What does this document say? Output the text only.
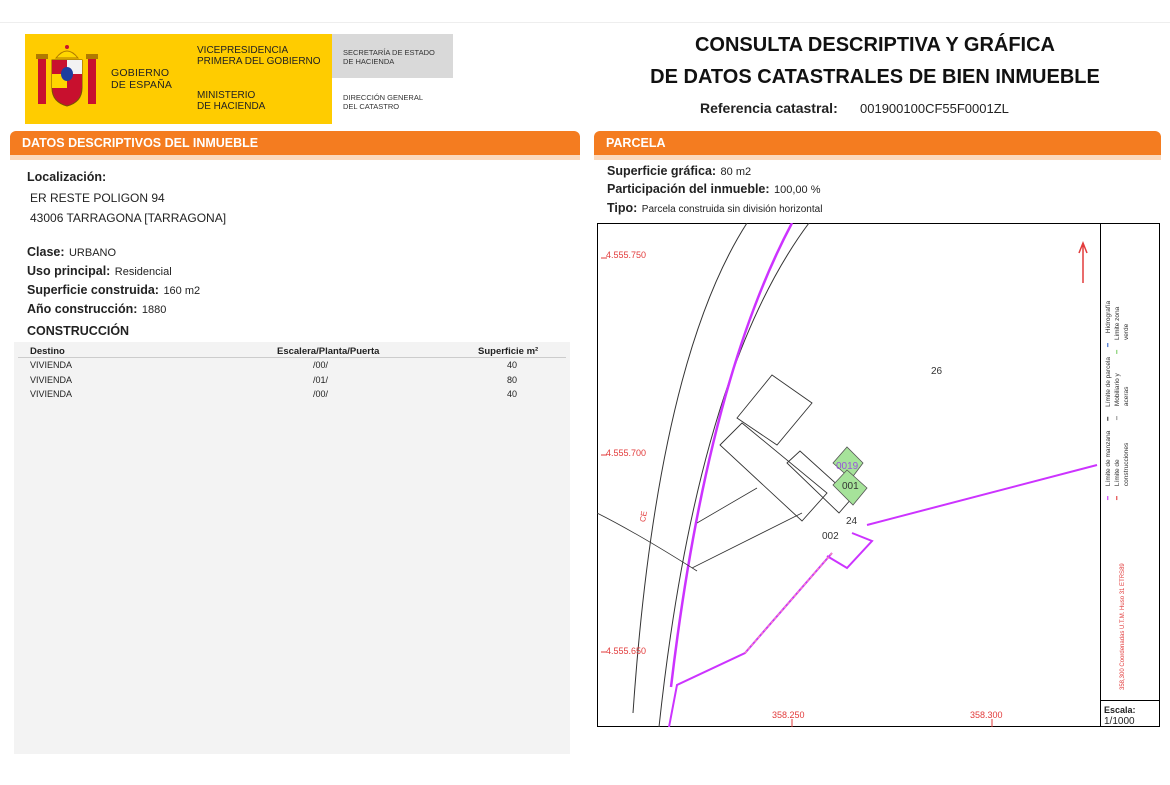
GOBIERNO
DE ESPAÑA
VICEPRESIDENCIA
PRIMERA DEL GOBIERNO
MINISTERIO
DE HACIENDA
SECRETARÍA DE ESTADO
DE HACIENDA
DIRECCIÓN GENERAL
DEL CATASTRO
CONSULTA DESCRIPTIVA Y GRÁFICA
DE DATOS CATASTRALES DE BIEN INMUEBLE
Referencia catastral: 001900100CF55F0001ZL
DATOS DESCRIPTIVOS DEL INMUEBLE
Localización:
ER RESTE POLIGON 94
43006 TARRAGONA [TARRAGONA]
Clase: URBANO
Uso principal: Residencial
Superficie construida: 160 m2
Año construcción: 1880
CONSTRUCCIÓN
Destino	Escalera/Planta/Puerta	Superficie m²
VIVIENDA	/00/	40
VIVIENDA	/01/	80
VIVIENDA	/00/	40
PARCELA
Superficie gráfica: 80 m2
Participación del inmueble: 100,00 %
Tipo: Parcela construida sin división horizontal
4.555.750
4.555.700
4.555.650
358.250	358.300
26
0019
001
24
002
CE
━
Límite de manzana
━
Límite de parcela
━
Hidrografía
━
Límite de construcciones
━
Mobiliario y aceras
━
Limite zona verde
358,300 Coordenadas U.T.M. Huso 31 ETRS89
Escala:
1/1000
